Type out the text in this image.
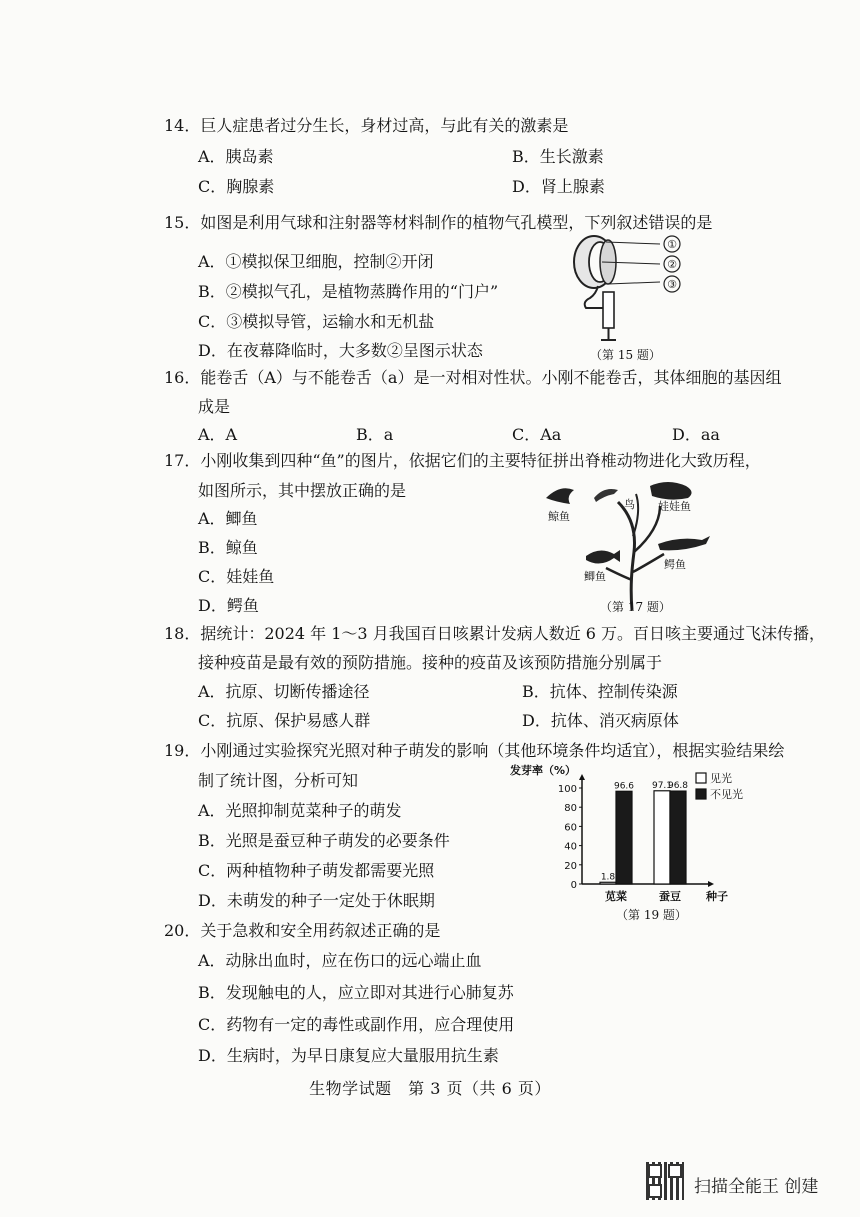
14．巨人症患者过分生长，身材过高，与此有关的激素是
A．胰岛素	B．生长激素
C．胸腺素	D．肾上腺素
15．如图是利用气球和注射器等材料制作的植物气孔模型，下列叙述错误的是
A．①模拟保卫细胞，控制②开闭
B．②模拟气孔，是植物蒸腾作用的“门户”
C．③模拟导管，运输水和无机盐
D．在夜幕降临时，大多数②呈图示状态
①
②
③
（第 15 题）
16．能卷舌（A）与不能卷舌（a）是一对相对性状。小刚不能卷舌，其体细胞的基因组
成是
A．A	B．a	C．Aa	D．aa
17．小刚收集到四种“鱼”的图片，依据它们的主要特征拼出脊椎动物进化大致历程，
如图所示，其中摆放正确的是
A．鲫鱼
B．鲸鱼
C．娃娃鱼
D．鳄鱼
鲸鱼
鸟 娃娃鱼
鲫鱼
鳄鱼
（第 17 题）
18．据统计：2024 年 1～3 月我国百日咳累计发病人数近 6 万。百日咳主要通过飞沫传播，
接种疫苗是最有效的预防措施。接种的疫苗及该预防措施分别属于
A．抗原、切断传播途径	B．抗体、控制传染源
C．抗原、保护易感人群	D．抗体、消灭病原体
19．小刚通过实验探究光照对种子萌发的影响（其他环境条件均适宜），根据实验结果绘
制了统计图，分析可知
A．光照抑制苋菜种子的萌发
B．光照是蚕豆种子萌发的必要条件
C．两种植物种子萌发都需要光照
D．未萌发的种子一定处于休眠期
发芽率（%）
0
20
40
60
80
100
1.8
96.6 97.1
96.8
苋菜	蚕豆 种子
见光
不见光
（第 19 题）
20．关于急救和安全用药叙述正确的是
A．动脉出血时，应在伤口的远心端止血
B．发现触电的人，应立即对其进行心肺复苏
C．药物有一定的毒性或副作用，应合理使用
D．生病时，为早日康复应大量服用抗生素
生物学试题　第 3 页（共 6 页）
扫描全能王 创建
